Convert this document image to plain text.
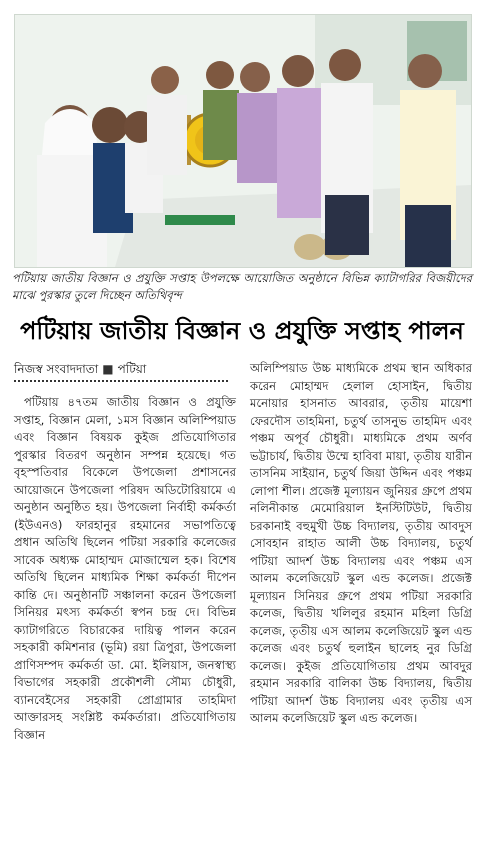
পটিয়ায় জাতীয় বিজ্ঞান ও প্রযুক্তি সপ্তাহ উপলক্ষে আয়োজিত অনুষ্ঠানে বিভিন্ন ক্যাটাগরির বিজয়ীদের মাঝে পুরস্কার তুলে দিচ্ছেন অতিথিবৃন্দ
পটিয়ায় জাতীয় বিজ্ঞান ও প্রযুক্তি সপ্তাহ পালন
নিজস্ব সংবাদদাতা ■ পটিয়া
পটিয়ায় ৪৭তম জাতীয় বিজ্ঞান ও প্রযুক্তি সপ্তাহ, বিজ্ঞান মেলা, ১মস বিজ্ঞান অলিম্পিয়াড এবং বিজ্ঞান বিষয়ক কুইজ প্রতিযোগিতার পুরস্কার বিতরণ অনুষ্ঠান সম্পন্ন হয়েছে। গত বৃহস্পতিবার বিকেলে উপজেলা প্রশাসনের আয়োজনে উপজেলা পরিষদ অডিটোরিয়ামে এ অনুষ্ঠান অনুষ্ঠিত হয়। উপজেলা নির্বাহী কর্মকর্তা (ইউএনও) ফারহানুর রহমানের সভাপতিত্বে প্রধান অতিথি ছিলেন পটিয়া সরকারি কলেজের সাবেক অধ্যক্ষ মোহাম্মদ মোজাম্মেল হক। বিশেষ অতিথি ছিলেন মাধ্যমিক শিক্ষা কর্মকর্তা দীপেন কান্তি দে। অনুষ্ঠানটি সঞ্চালনা করেন উপজেলা সিনিয়র মৎস্য কর্মকর্তা স্বপন চন্দ্র দে। বিভিন্ন ক্যাটাগরিতে বিচারকের দায়িত্ব পালন করেন সহকারী কমিশনার (ভূমি) রয়া ত্রিপুরা, উপজেলা প্রাণিসম্পদ কর্মকর্তা ডা. মো. ইলিয়াস, জনস্বাস্থ্য বিভাগের সহকারী প্রকৌশলী সৌম্য চৌধুরী, ব্যানবেইসের সহকারী প্রোগ্রামার তাহমিদা আক্তারসহ সংশ্লিষ্ট কর্মকর্তারা। প্রতিযোগিতায় বিজ্ঞান
অলিম্পিয়াড উচ্চ মাধ্যমিকে প্রথম স্থান অধিকার করেন মোহাম্মদ হেলাল হোসাইন, দ্বিতীয় মনোয়ার হাসনাত আবরার, তৃতীয় মায়েশা ফেরদৌস তাহমিনা, চতুর্থ তাসনুভ তাহমিদ এবং পঞ্চম অপূর্ব চৌধুরী। মাধ্যমিকে প্রথম অর্ণব ভট্টাচার্য, দ্বিতীয় উম্মে হাবিবা মায়া, তৃতীয় যারীন তাসনিম সাইয়ান, চতুর্থ জিয়া উদ্দিন এবং পঞ্চম লোপা শীল। প্রজেক্ট মূল্যায়ন জুনিয়র গ্রুপে প্রথম নলিনীকান্ত মেমোরিয়াল ইনস্টিটিউট, দ্বিতীয় চরকানাই বহুমুখী উচ্চ বিদ্যালয়, তৃতীয় আবদুস সোবহান রাহাত আলী উচ্চ বিদ্যালয়, চতুর্থ পটিয়া আদর্শ উচ্চ বিদ্যালয় এবং পঞ্চম এস আলম কলেজিয়েট স্কুল এন্ড কলেজ। প্রজেক্ট মূল্যায়ন সিনিয়র গ্রুপে প্রথম পটিয়া সরকারি কলেজ, দ্বিতীয় খলিলুর রহমান মহিলা ডিগ্রি কলেজ, তৃতীয় এস আলম কলেজিয়েট স্কুল এন্ড কলেজ এবং চতুর্থ হুলাইন ছালেহ নুর ডিগ্রি কলেজ। কুইজ প্রতিযোগিতায় প্রথম আবদুর রহমান সরকারি বালিকা উচ্চ বিদ্যালয়, দ্বিতীয় পটিয়া আদর্শ উচ্চ বিদ্যালয় এবং তৃতীয় এস আলম কলেজিয়েট স্কুল এন্ড কলেজ।
